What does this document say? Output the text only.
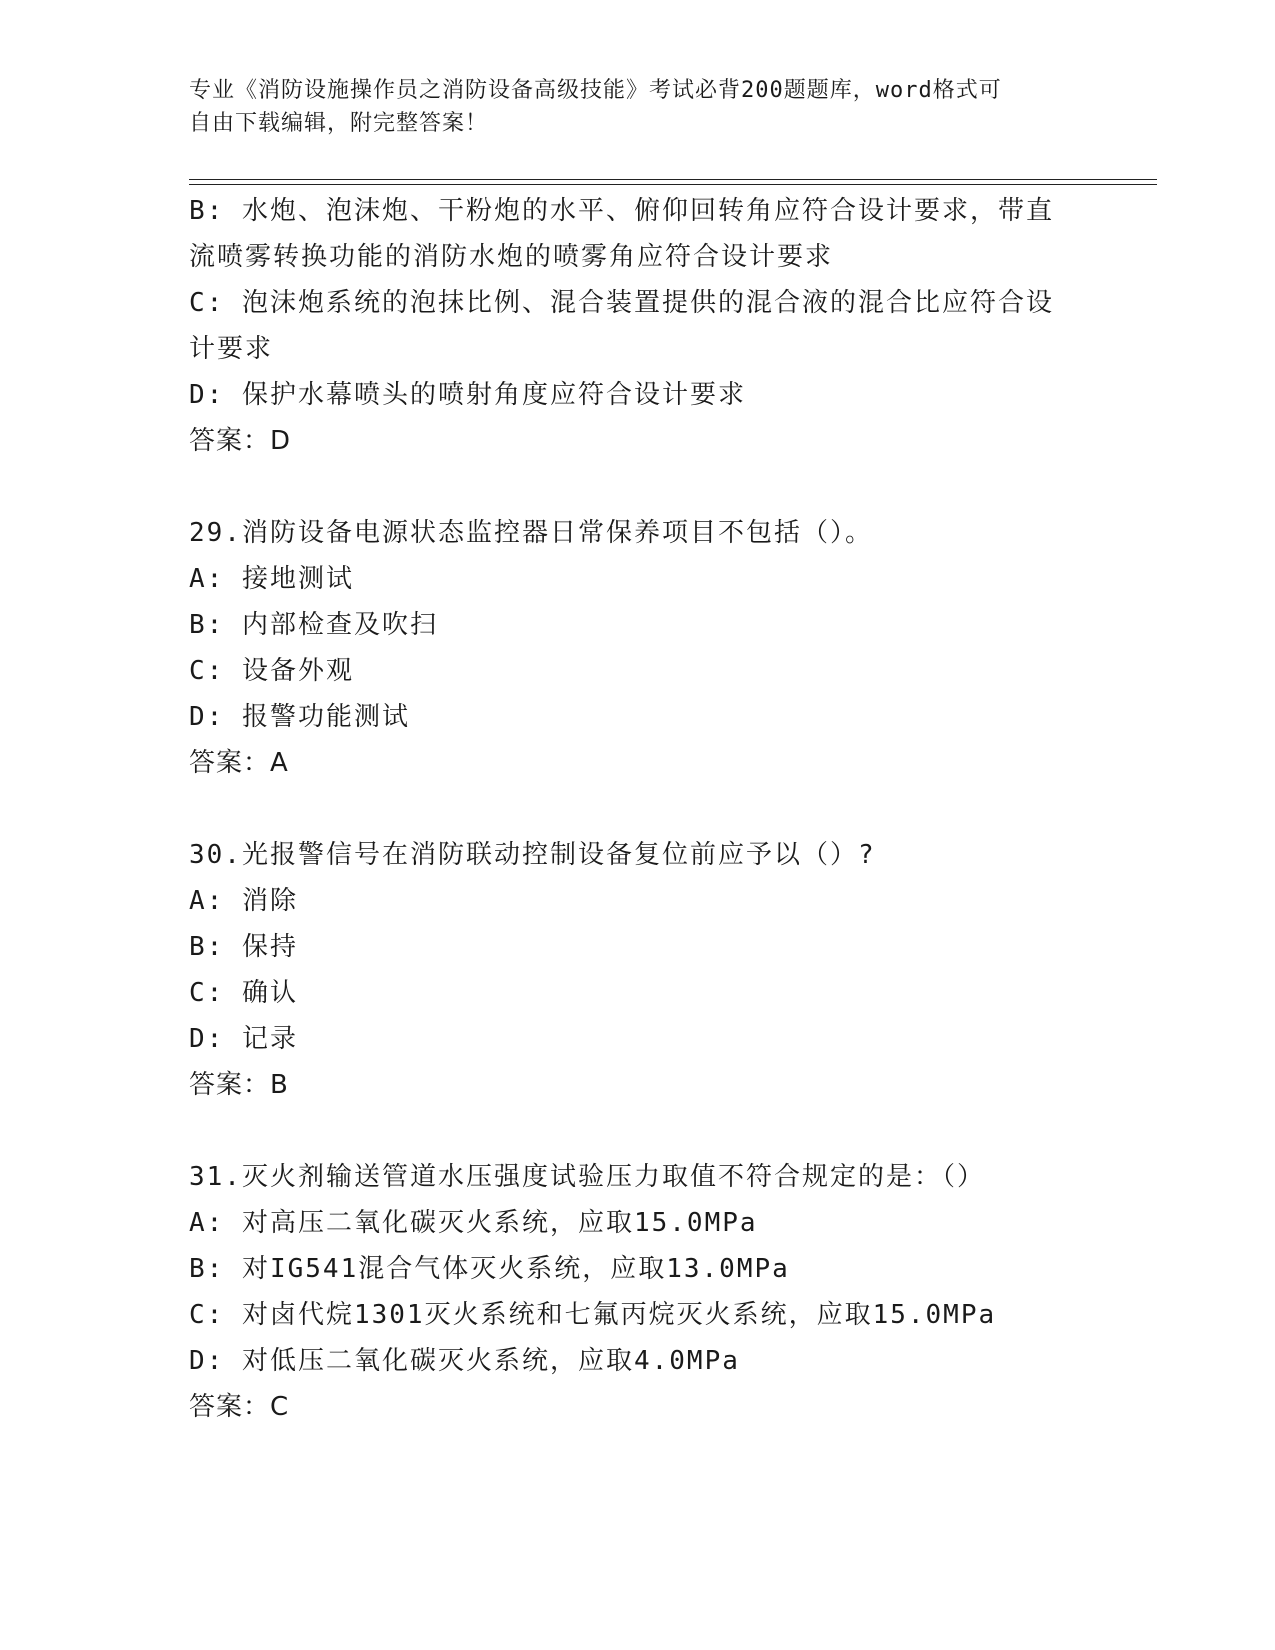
专业《消防设施操作员之消防设备高级技能》考试必背200题题库，word格式可
自由下载编辑，附完整答案！
B: 水炮、泡沫炮、干粉炮的水平、俯仰回转角应符合设计要求，带直
流喷雾转换功能的消防水炮的喷雾角应符合设计要求
C: 泡沫炮系统的泡抹比例、混合装置提供的混合液的混合比应符合设
计要求
D: 保护水幕喷头的喷射角度应符合设计要求
答案：D
29.消防设备电源状态监控器日常保养项目不包括（）。
A: 接地测试
B: 内部检查及吹扫
C: 设备外观
D: 报警功能测试
答案：A
30.光报警信号在消防联动控制设备复位前应予以（）?
A: 消除
B: 保持
C: 确认
D: 记录
答案：B
31.灭火剂输送管道水压强度试验压力取值不符合规定的是：（）
A: 对高压二氧化碳灭火系统，应取15.0MPa
B: 对IG541混合气体灭火系统，应取13.0MPa
C: 对卤代烷1301灭火系统和七氟丙烷灭火系统，应取15.0MPa
D: 对低压二氧化碳灭火系统，应取4.0MPa
答案：C
